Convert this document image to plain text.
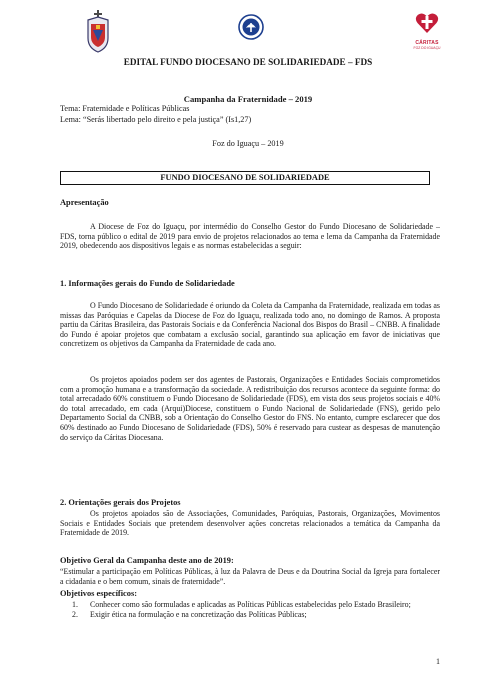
CÁRITAS
FOZ DO IGUAÇU
EDITAL FUNDO DIOCESANO DE SOLIDARIEDADE – FDS
Campanha da Fraternidade – 2019
Tema: Fraternidade e Políticas Públicas
Lema: “Serás libertado pelo direito e pela justiça” (Is1,27)
Foz do Iguaçu – 2019
FUNDO DIOCESANO DE SOLIDARIEDADE
Apresentação
A Diocese de Foz do Iguaçu, por intermédio do Conselho Gestor do Fundo Diocesano de Solidariedade – FDS, torna público o edital de 2019 para envio de projetos relacionados ao tema e lema da Campanha da Fraternidade 2019, obedecendo aos dispositivos legais e as normas estabelecidas a seguir:
1. Informações gerais do Fundo de Solidariedade
O Fundo Diocesano de Solidariedade é oriundo da Coleta da Campanha da Fraternidade, realizada em todas as missas das Paróquias e Capelas da Diocese de Foz do Iguaçu, realizada todo ano, no domingo de Ramos. A proposta partiu da Cáritas Brasileira, das Pastorais Sociais e da Conferência Nacional dos Bispos do Brasil – CNBB. A finalidade do Fundo é apoiar projetos que combatam a exclusão social, garantindo sua aplicação em favor de iniciativas que concretizem os objetivos da Campanha da Fraternidade de cada ano.
Os projetos apoiados podem ser dos agentes de Pastorais, Organizações e Entidades Sociais comprometidos com a promoção humana e a transformação da sociedade. A redistribuição dos recursos acontece da seguinte forma: do total arrecadado 60% constituem o Fundo Diocesano de Solidariedade (FDS), em vista dos seus projetos sociais e 40% do total arrecadado, em cada (Arqui)Diocese, constituem o Fundo Nacional de Solidariedade (FNS), gerido pelo Departamento Social da CNBB, sob a Orientação do Conselho Gestor do FNS. No entanto, cumpre esclarecer que dos 60% destinado ao Fundo Diocesano de Solidariedade (FDS), 50% é reservado para custear as despesas de manutenção do serviço da Cáritas Diocesana.
2. Orientações gerais dos Projetos
Os projetos apoiados são de Associações, Comunidades, Paróquias, Pastorais, Organizações, Movimentos Sociais e Entidades Sociais que pretendem desenvolver ações concretas relacionados a temática da Campanha da Fraternidade de 2019.
Objetivo Geral da Campanha deste ano de 2019:
“Estimular a participação em Políticas Públicas, à luz da Palavra de Deus e da Doutrina Social da Igreja para fortalecer a cidadania e o bem comum, sinais de fraternidade”.
Objetivos específicos:
1. Conhecer como são formuladas e aplicadas as Políticas Públicas estabelecidas pelo Estado Brasileiro;
2. Exigir ética na formulação e na concretização das Políticas Públicas;
1
